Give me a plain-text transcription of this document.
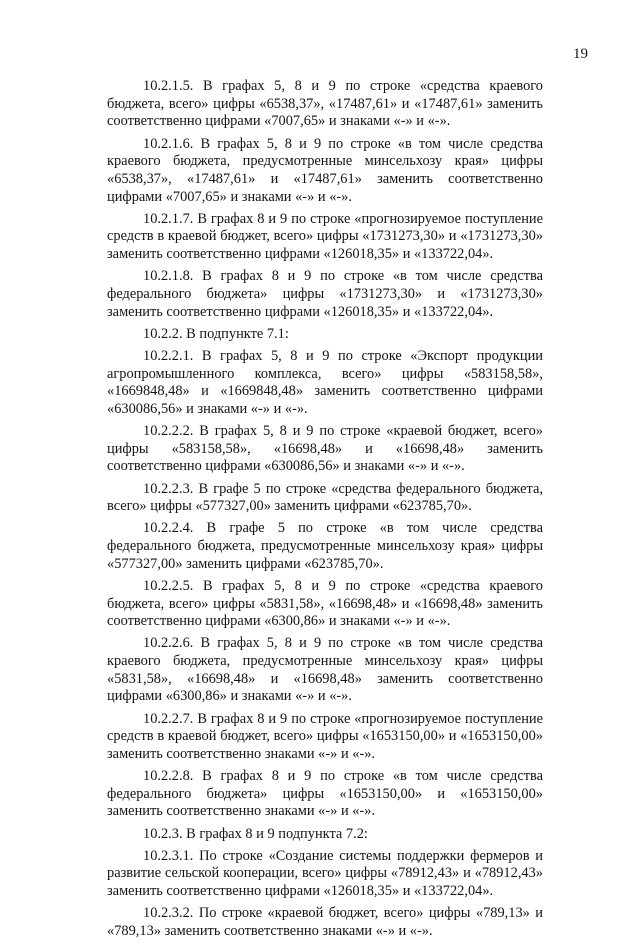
19

10.2.1.5. В графах 5, 8 и 9 по строке «средства краевого бюджета, всего» цифры «6538,37», «17487,61» и «17487,61» заменить соответственно цифрами «7007,65» и знаками «-» и «-».

10.2.1.6. В графах 5, 8 и 9 по строке «в том числе средства краевого бюджета, предусмотренные минсельхозу края» цифры «6538,37», «17487,61» и «17487,61» заменить соответственно цифрами «7007,65» и знаками «-» и «-».

10.2.1.7. В графах 8 и 9 по строке «прогнозируемое поступление средств в краевой бюджет, всего» цифры «1731273,30» и «1731273,30» заменить соответственно цифрами «126018,35» и «133722,04».

10.2.1.8. В графах 8 и 9 по строке «в том числе средства федерального бюджета» цифры «1731273,30» и «1731273,30» заменить соответственно цифрами «126018,35» и «133722,04».

10.2.2. В подпункте 7.1:

10.2.2.1. В графах 5, 8 и 9 по строке «Экспорт продукции агропромышленного комплекса, всего» цифры «583158,58», «1669848,48» и «1669848,48» заменить соответственно цифрами «630086,56» и знаками «-» и «-».

10.2.2.2. В графах 5, 8 и 9 по строке «краевой бюджет, всего» цифры «583158,58», «16698,48» и «16698,48» заменить соответственно цифрами «630086,56» и знаками «-» и «-».

10.2.2.3. В графе 5 по строке «средства федерального бюджета, всего» цифры «577327,00» заменить цифрами «623785,70».

10.2.2.4. В графе 5 по строке «в том числе средства федерального бюджета, предусмотренные минсельхозу края» цифры «577327,00» заменить цифрами «623785,70».

10.2.2.5. В графах 5, 8 и 9 по строке «средства краевого бюджета, всего» цифры «5831,58», «16698,48» и «16698,48» заменить соответственно цифрами «6300,86» и знаками «-» и «-».

10.2.2.6. В графах 5, 8 и 9 по строке «в том числе средства краевого бюджета, предусмотренные минсельхозу края» цифры «5831,58», «16698,48» и «16698,48» заменить соответственно цифрами «6300,86» и знаками «-» и «-».

10.2.2.7. В графах 8 и 9 по строке «прогнозируемое поступление средств в краевой бюджет, всего» цифры «1653150,00» и «1653150,00» заменить соответственно знаками «-» и «-».

10.2.2.8. В графах 8 и 9 по строке «в том числе средства федерального бюджета» цифры «1653150,00» и «1653150,00» заменить соответственно знаками «-» и «-».

10.2.3. В графах 8 и 9 подпункта 7.2:

10.2.3.1. По строке «Создание системы поддержки фермеров и развитие сельской кооперации, всего» цифры «78912,43» и «78912,43» заменить соответственно цифрами «126018,35» и «133722,04».

10.2.3.2. По строке «краевой бюджет, всего» цифры «789,13» и «789,13» заменить соответственно знаками «-» и «-».
